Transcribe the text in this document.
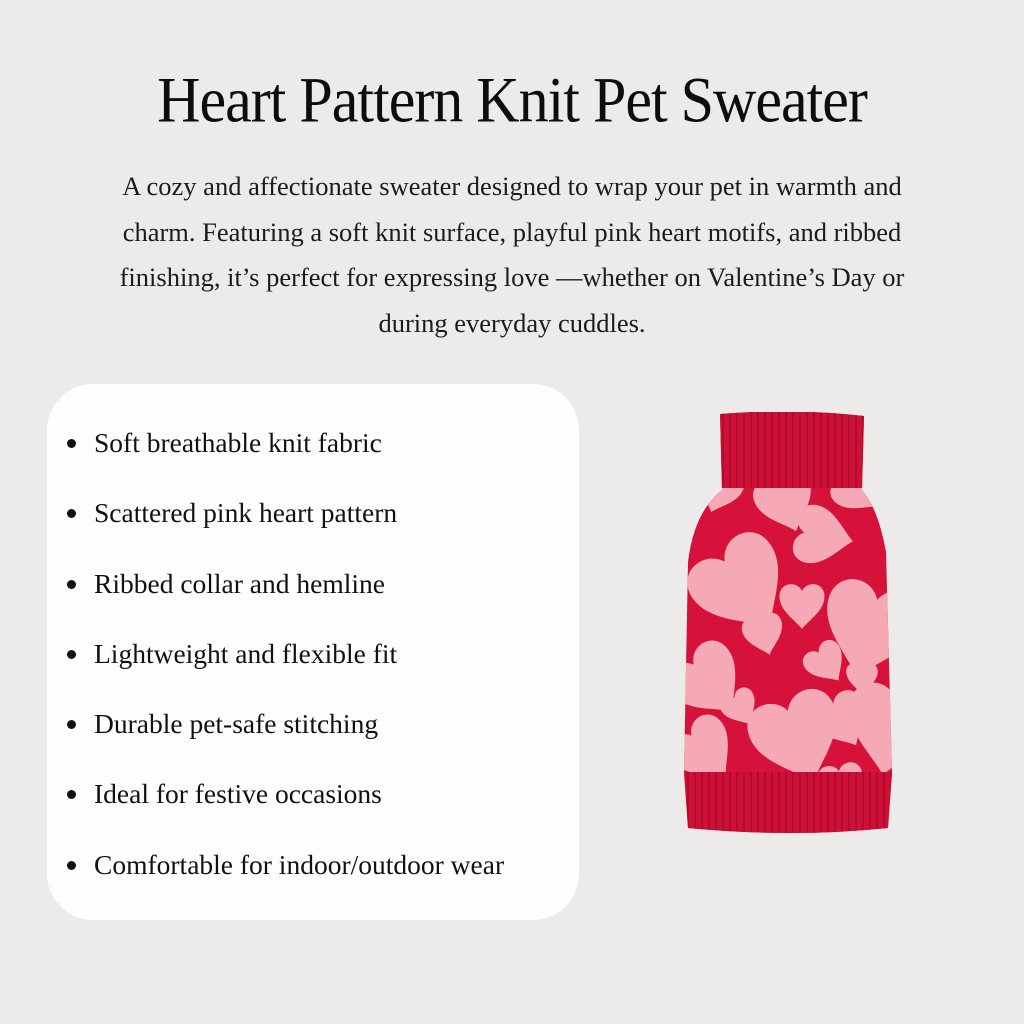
Heart Pattern Knit Pet Sweater

A cozy and affectionate sweater designed to wrap your pet in warmth and charm. Featuring a soft knit surface, playful pink heart motifs, and ribbed finishing, it’s perfect for expressing love —whether on Valentine’s Day or during everyday cuddles.

Soft breathable knit fabric
Scattered pink heart pattern
Ribbed collar and hemline
Lightweight and flexible fit
Durable pet-safe stitching
Ideal for festive occasions
Comfortable for indoor/outdoor wear
